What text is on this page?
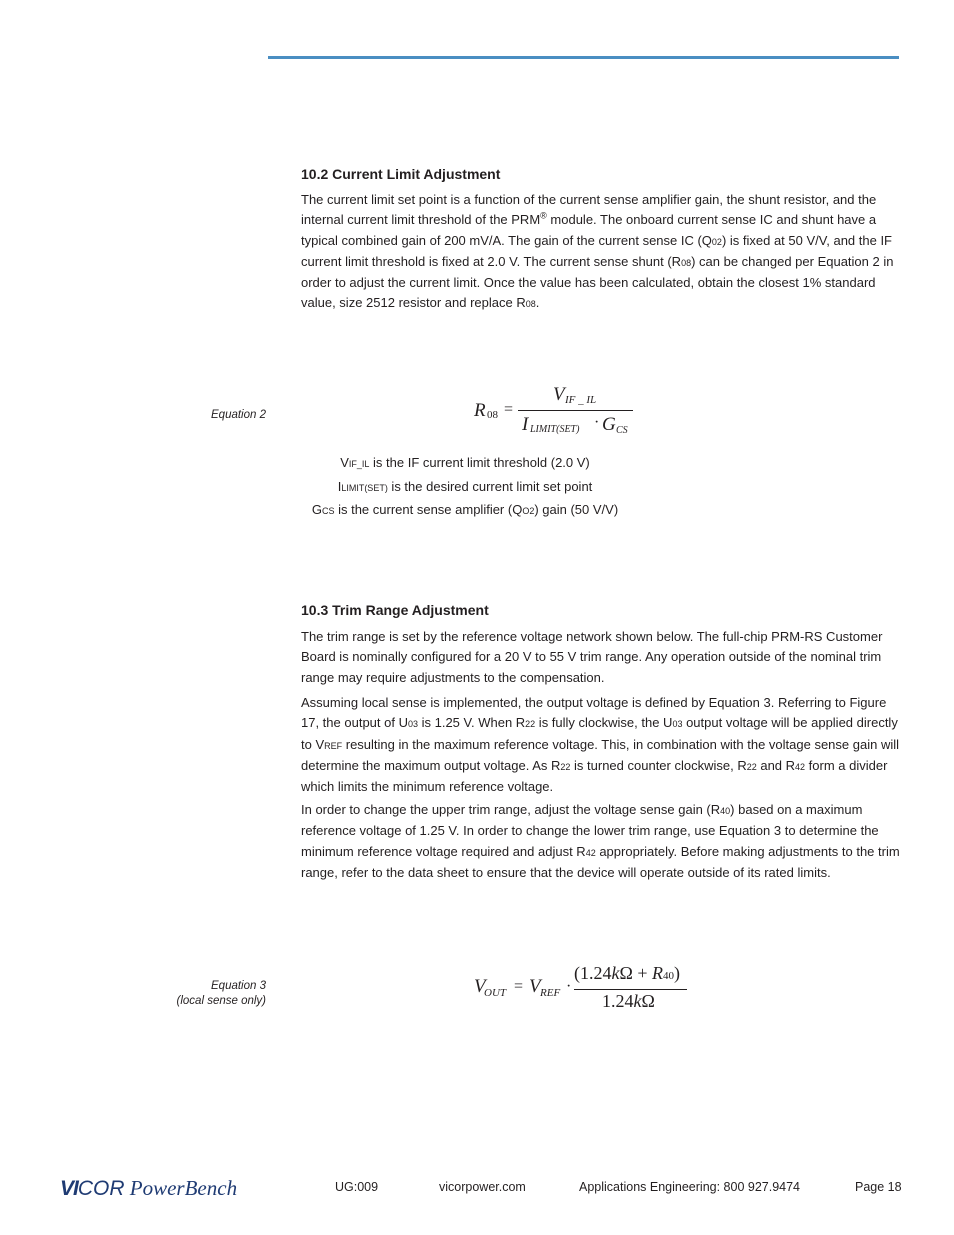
10.2 Current Limit Adjustment

The current limit set point is a function of the current sense amplifier gain, the shunt resistor, and the internal current limit threshold of the PRM® module. The onboard current sense IC and shunt have a typical combined gain of 200 mV/A. The gain of the current sense IC (Q02) is fixed at 50 V/V, and the IF current limit threshold is fixed at 2.0 V. The current sense shunt (R08) can be changed per Equation 2 in order to adjust the current limit. Once the value has been calculated, obtain the closest 1% standard value, size 2512 resistor and replace R08.

Equation 2	R 08 =
V IF _ IL
I LIMIT(SET) · G CS
VIF_IL is the IF current limit threshold (2.0 V)
ILIMIT(SET) is the desired current limit set point
GCS is the current sense amplifier (QO2) gain (50 V/V)
10.3 Trim Range Adjustment

The trim range is set by the reference voltage network shown below. The full-chip PRM-RS Customer Board is nominally configured for a 20 V to 55 V trim range. Any operation outside of the nominal trim range may require adjustments to the compensation.

Assuming local sense is implemented, the output voltage is defined by Equation 3. Referring to Figure 17, the output of U03 is 1.25 V. When R22 is fully clockwise, the U03 output voltage will be applied directly to VREF resulting in the maximum reference voltage. This, in combination with the voltage sense gain will determine the maximum output voltage. As R22 is turned counter clockwise, R22 and R42 form a divider which limits the minimum reference voltage.

In order to change the upper trim range, adjust the voltage sense gain (R40) based on a maximum reference voltage of 1.25 V. In order to change the lower trim range, use Equation 3 to determine the minimum reference voltage required and adjust R42 appropriately. Before making adjustments to the trim range, refer to the data sheet to ensure that the device will operate outside of its rated limits.

Equation 3
(local sense only)
V
OUT = V REF ·
(1.24kΩ + R40)
1.24kΩ
VICOR PowerBench	UG:009	vicorpower.com	Applications Engineering: 800 927.9474	Page 18
